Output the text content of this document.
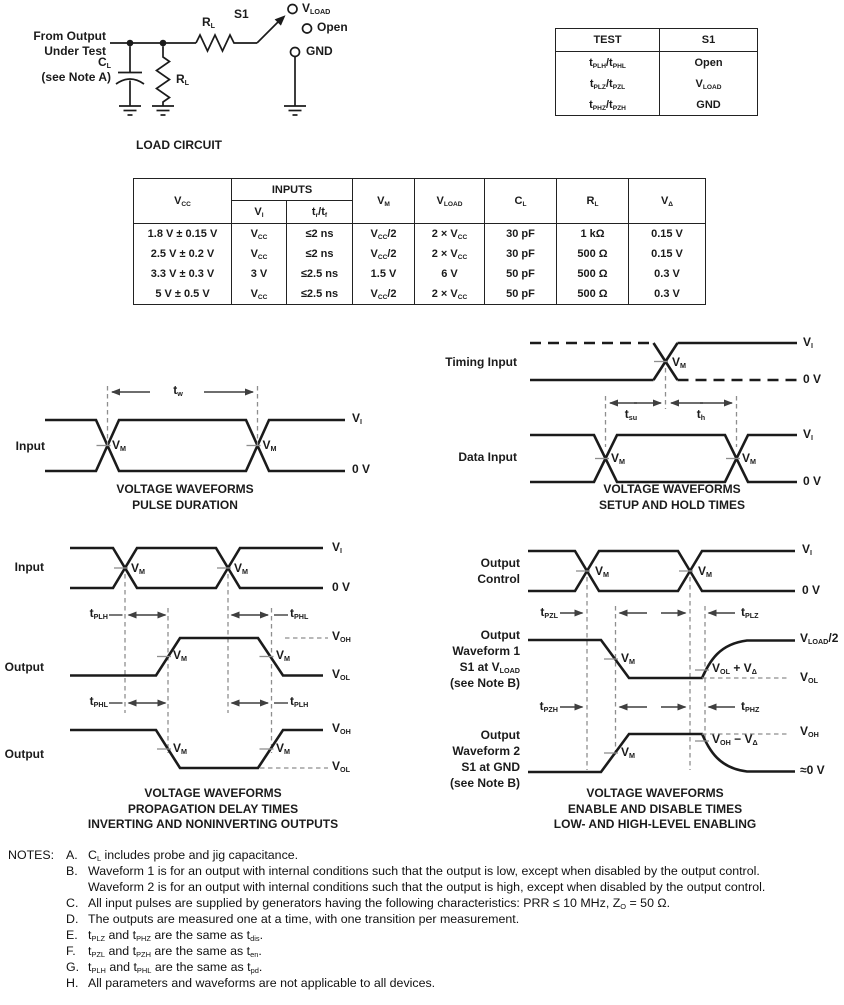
From Output
Under Test
$R_L$
S1	$V_{LOAD}$
Open
GND
$C_L$
(see Note A)	$R_L$
LOAD CIRCUIT
TEST	S1
$t_{PLH}/t_{PHL}$	Open
$t_{PLZ}/t_{PZL}$	$V_{LOAD}$
$t_{PHZ}/t_{PZH}$	GND
$V_{CC}$	INPUTS		$V_M$	$V_{LOAD}$	$C_L$	$R_L$	$V_\Delta$
	$V_I$	$t_r/t_f$
1.8 V ± 0.15 V	$V_{CC}$	≤2 ns	$V_{CC}/2$	$2 \times V_{CC}$	30 pF	1 kΩ	0.15 V
2.5 V ± 0.2 V	$V_{CC}$	≤2 ns	$V_{CC}/2$	$2 \times V_{CC}$	30 pF	500 Ω	0.15 V
3.3 V ± 0.3 V	3 V	≤2.5 ns	1.5 V	6 V	50 pF	500 Ω	0.3 V
5 V ± 0.5 V	$V_{CC}$	≤2.5 ns	$V_{CC}/2$	$2 \times V_{CC}$	50 pF	500 Ω	0.3 V
Input
$V_I$
0 V
$t_w$
$V_M$	$V_M$
VOLTAGE WAVEFORMS
PULSE DURATION
Timing Input
Data Input
$V_I$
0 V
$V_I$
0 V
$V_M$
$t_{su}$	$t_h$
$V_M$	$V_M$
VOLTAGE WAVEFORMS
SETUP AND HOLD TIMES
Input
Output
Output
$V_I$
0 V
$V_M$	$V_M$
$t_{PLH}$	$t_{PHL}$
$V_M$	$V_M$
$V_{OH}$
$V_{OL}$
$t_{PHL}$	$t_{PLH}$
$V_M$	$V_M$
$V_{OH}$
$V_{OL}$
VOLTAGE WAVEFORMS
PROPAGATION DELAY TIMES
INVERTING AND NONINVERTING OUTPUTS
Output
Control
$V_I$
0 V
$V_M$	$V_M$
$t_{PZL}$	$t_{PLZ}$
Output
Waveform 1
S1 at $V_{LOAD}$
(see Note B)
$V_M$
$V_{LOAD}/2$
$V_{OL} + V_\Delta$	$V_{OL}$
$t_{PZH}$	$t_{PHZ}$
Output
Waveform 2
S1 at GND
(see Note B)
$V_M$
$V_{OH} - V_\Delta$
$V_{OH}$
≈0 V
VOLTAGE WAVEFORMS
ENABLE AND DISABLE TIMES
LOW- AND HIGH-LEVEL ENABLING
NOTES: A. $C_L$ includes probe and jig capacitance.
B. Waveform 1 is for an output with internal conditions such that the output is low, except when disabled by the output control.
Waveform 2 is for an output with internal conditions such that the output is high, except when disabled by the output control.
C. All input pulses are supplied by generators having the following characteristics: PRR ≤ 10 MHz, $Z_O = 50$ Ω.
D. The outputs are measured one at a time, with one transition per measurement.
E. $t_{PLZ}$ and $t_{PHZ}$ are the same as $t_{dis}$.
F. $t_{PZL}$ and $t_{PZH}$ are the same as $t_{en}$.
G. $t_{PLH}$ and $t_{PHL}$ are the same as $t_{pd}$.
H. All parameters and waveforms are not applicable to all devices.
